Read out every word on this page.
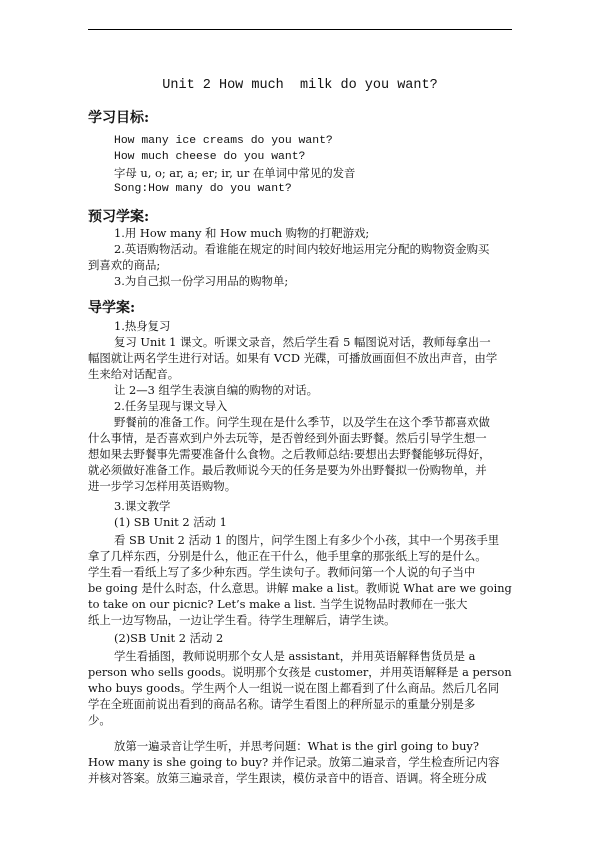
Unit 2 How much  milk do you want?
学习目标:
How many ice creams do you want?
How much cheese do you want?
字母 u, o; ar, a; er; ir, ur 在单词中常见的发音
Song:How many do you want?
预习学案:
1.用 How many 和 How much 购物的打靶游戏;
2.英语购物活动。看谁能在规定的时间内较好地运用完分配的购物资金购买
到喜欢的商品;
3.为自己拟一份学习用品的购物单;
导学案:
1.热身复习
复习 Unit 1 课文。听课文录音，然后学生看 5 幅图说对话，教师每拿出一
幅图就让两名学生进行对话。如果有 VCD 光碟，可播放画面但不放出声音，由学
生来给对话配音。
让 2—3 组学生表演自编的购物的对话。
2.任务呈现与课文导入
野餐前的准备工作。问学生现在是什么季节，以及学生在这个季节都喜欢做
什么事情，是否喜欢到户外去玩等，是否曾经到外面去野餐。然后引导学生想一
想如果去野餐事先需要准备什么食物。之后教师总结:要想出去野餐能够玩得好，
就必须做好准备工作。最后教师说今天的任务是要为外出野餐拟一份购物单，并
进一步学习怎样用英语购物。
3.课文教学
(1) SB Unit 2 活动 1
看 SB Unit 2 活动 1 的图片，问学生图上有多少个小孩，其中一个男孩手里
拿了几样东西，分别是什么，他正在干什么，他手里拿的那张纸上写的是什么。
学生看一看纸上写了多少种东西。学生读句子。教师问第一个人说的句子当中
be going 是什么时态，什么意思。讲解 make a list。教师说 What are we going
to take on our picnic? Let’s make a list. 当学生说物品时教师在一张大
纸上一边写物品，一边让学生看。待学生理解后，请学生读。
(2)SB Unit 2 活动 2
学生看插图，教师说明那个女人是 assistant，并用英语解释售货员是 a
person who sells goods。说明那个女孩是 customer，并用英语解释是 a person
who buys goods。学生两个人一组说一说在图上都看到了什么商品。然后几名同
学在全班面前说出看到的商品名称。请学生看图上的秤所显示的重量分别是多
少。
放第一遍录音让学生听，并思考问题：What is the girl going to buy?
How many is she going to buy? 并作记录。放第二遍录音，学生检查所记内容
并核对答案。放第三遍录音，学生跟读，模仿录音中的语音、语调。将全班分成
